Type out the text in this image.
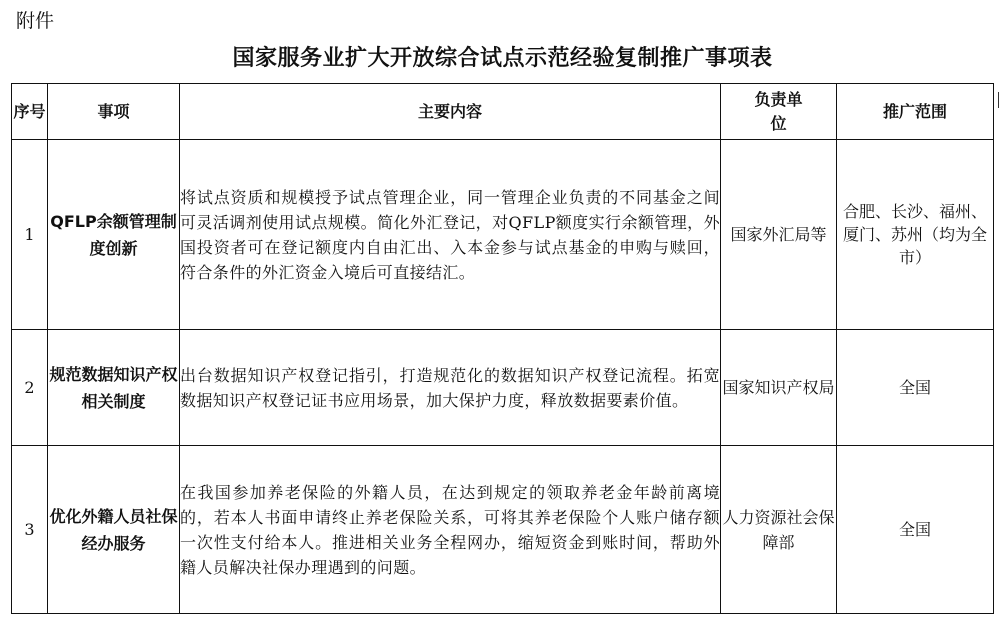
附件
国家服务业扩大开放综合试点示范经验复制推广事项表
序号	事项	主要内容	负责单位	推广范围
1	QFLP余额管理制度创新	将试点资质和规模授予试点管理企业，同一管理企业负责的不同基金之间可灵活调剂使用试点规模。简化外汇登记，对QFLP额度实行余额管理，外国投资者可在登记额度内自由汇出、入本金参与试点基金的申购与赎回，符合条件的外汇资金入境后可直接结汇。	国家外汇局等	合肥、长沙、福州、厦门、苏州（均为全市）
2	规范数据知识产权相关制度	出台数据知识产权登记指引，打造规范化的数据知识产权登记流程。拓宽数据知识产权登记证书应用场景，加大保护力度，释放数据要素价值。	国家知识产权局	全国
3	优化外籍人员社保经办服务	在我国参加养老保险的外籍人员，在达到规定的领取养老金年龄前离境的，若本人书面申请终止养老保险关系，可将其养老保险个人账户储存额一次性支付给本人。推进相关业务全程网办，缩短资金到账时间，帮助外籍人员解决社保办理遇到的问题。	人力资源社会保障部	全国
